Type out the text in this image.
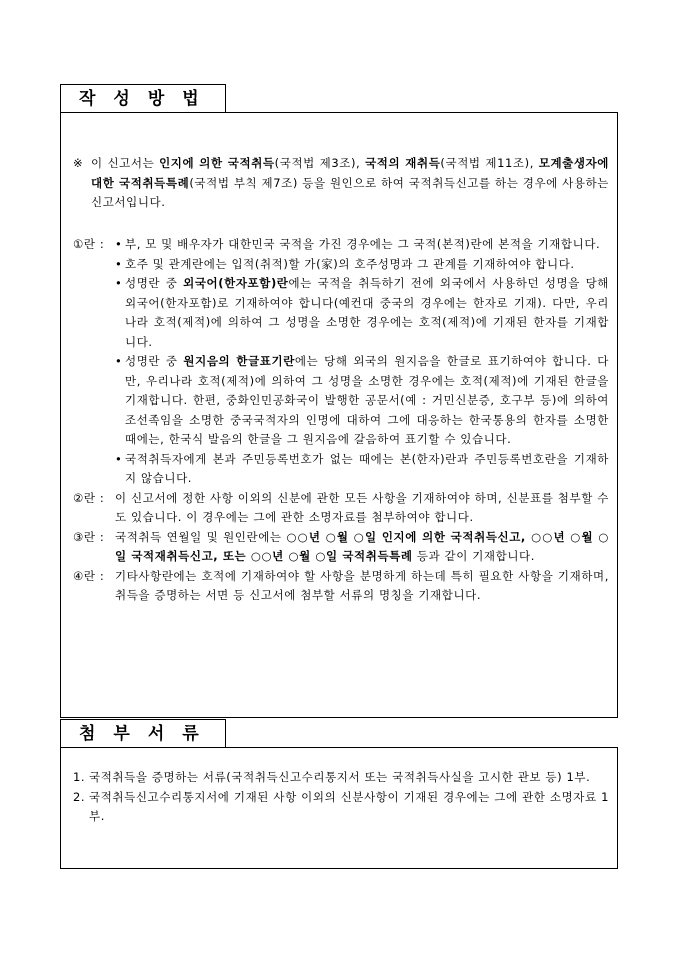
작성방법
※ 이 신고서는 인지에 의한 국적취득(국적법 제3조), 국적의 재취득(국적법 제11조), 모계출생자에 대한 국적취득특례(국적법 부칙 제7조) 등을 원인으로 하여 국적취득신고를 하는 경우에 사용하는 신고서입니다.
①란 : • 부, 모 및 배우자가 대한민국 국적을 가진 경우에는 그 국적(본적)란에 본적을 기재합니다.
• 호주 및 관계란에는 입적(취적)할 가(家)의 호주성명과 그 관계를 기재하여야 합니다.
• 성명란 중 외국어(한자포함)란에는 국적을 취득하기 전에 외국에서 사용하던 성명을 당해 외국어(한자포함)로 기재하여야 합니다(예컨대 중국의 경우에는 한자로 기재). 다만, 우리나라 호적(제적)에 의하여 그 성명을 소명한 경우에는 호적(제적)에 기재된 한자를 기재합니다.
• 성명란 중 원지음의 한글표기란에는 당해 외국의 원지음을 한글로 표기하여야 합니다. 다만, 우리나라 호적(제적)에 의하여 그 성명을 소명한 경우에는 호적(제적)에 기재된 한글을 기재합니다. 한편, 중화인민공화국이 발행한 공문서(예 : 거민신분증, 호구부 등)에 의하여 조선족임을 소명한 중국국적자의 인명에 대하여 그에 대응하는 한국통용의 한자를 소명한 때에는, 한국식 발음의 한글을 그 원지음에 갈음하여 표기할 수 있습니다.
• 국적취득자에게 본과 주민등록번호가 없는 때에는 본(한자)란과 주민등록번호란을 기재하지 않습니다.
②란 : 이 신고서에 정한 사항 이외의 신분에 관한 모든 사항을 기재하여야 하며, 신분표를 첨부할 수도 있습니다. 이 경우에는 그에 관한 소명자료를 첨부하여야 합니다.
③란 : 국적취득 연월일 및 원인란에는 ○○년 ○월 ○일 인지에 의한 국적취득신고, ○○년 ○월 ○일 국적재취득신고, 또는 ○○년 ○월 ○일 국적취득특례 등과 같이 기재합니다.
④란 : 기타사항란에는 호적에 기재하여야 할 사항을 분명하게 하는데 특히 필요한 사항을 기재하며, 취득을 증명하는 서면 등 신고서에 첨부할 서류의 명칭을 기재합니다.
첨부서류
1. 국적취득을 증명하는 서류(국적취득신고수리통지서 또는 국적취득사실을 고시한 관보 등) 1부.
2. 국적취득신고수리통지서에 기재된 사항 이외의 신분사항이 기재된 경우에는 그에 관한 소명자료 1부.
